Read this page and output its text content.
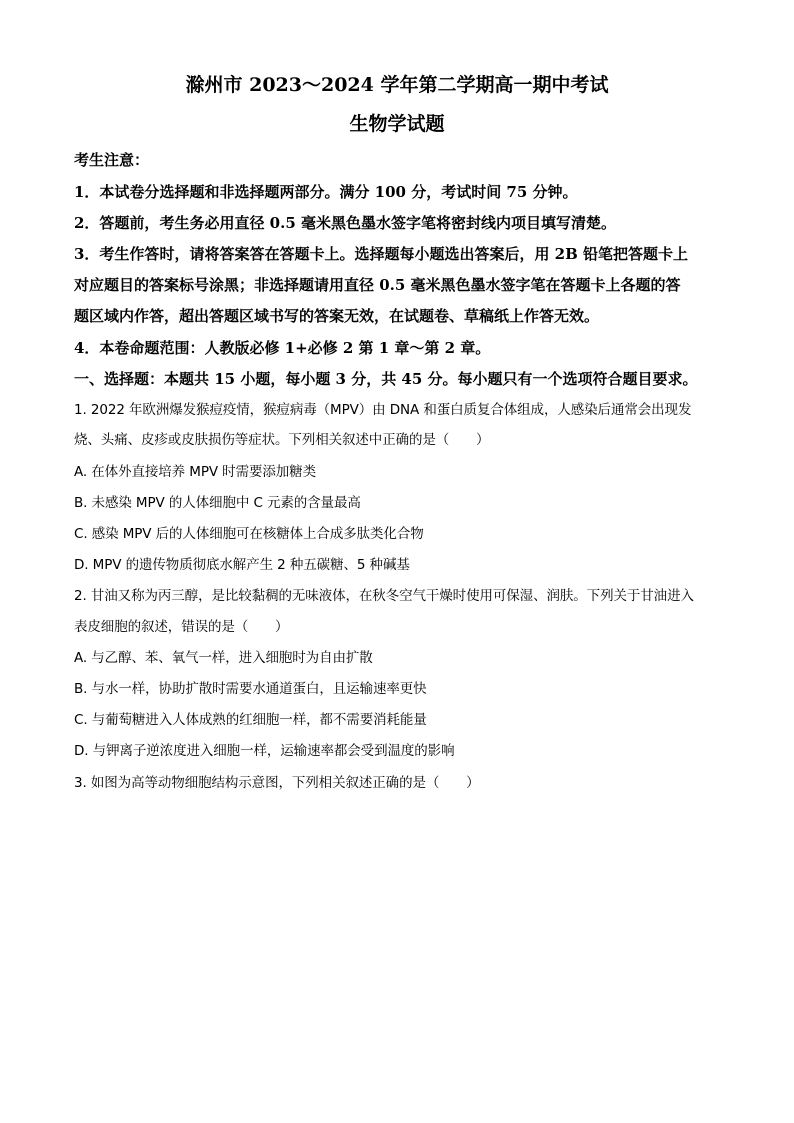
滁州市 2023～2024 学年第二学期高一期中考试
生物学试题
考生注意：
1．本试卷分选择题和非选择题两部分。满分 100 分，考试时间 75 分钟。
2．答题前，考生务必用直径 0.5 毫米黑色墨水签字笔将密封线内项目填写清楚。
3．考生作答时，请将答案答在答题卡上。选择题每小题选出答案后，用 2B 铅笔把答题卡上
对应题目的答案标号涂黑；非选择题请用直径 0.5 毫米黑色墨水签字笔在答题卡上各题的答
题区域内作答，超出答题区域书写的答案无效，在试题卷、草稿纸上作答无效。
4．本卷命题范围：人教版必修 1+必修 2 第 1 章～第 2 章。
一、选择题：本题共 15 小题，每小题 3 分，共 45 分。每小题只有一个选项符合题目要求。
1. 2022 年欧洲爆发猴痘疫情，猴痘病毒（MPV）由 DNA 和蛋白质复合体组成，人感染后通常会出现发
烧、头痛、皮疹或皮肤损伤等症状。下列相关叙述中正确的是（　　）
A. 在体外直接培养 MPV 时需要添加糖类
B. 未感染 MPV 的人体细胞中 C 元素的含量最高
C. 感染 MPV 后的人体细胞可在核糖体上合成多肽类化合物
D. MPV 的遗传物质彻底水解产生 2 种五碳糖、5 种碱基
2. 甘油又称为丙三醇，是比较黏稠的无味液体，在秋冬空气干燥时使用可保湿、润肤。下列关于甘油进入
表皮细胞的叙述，错误的是（　　）
A. 与乙醇、苯、氧气一样，进入细胞时为自由扩散
B. 与水一样，协助扩散时需要水通道蛋白，且运输速率更快
C. 与葡萄糖进入人体成熟的红细胞一样，都不需要消耗能量
D. 与钾离子逆浓度进入细胞一样，运输速率都会受到温度的影响
3. 如图为高等动物细胞结构示意图，下列相关叙述正确的是（　　）
